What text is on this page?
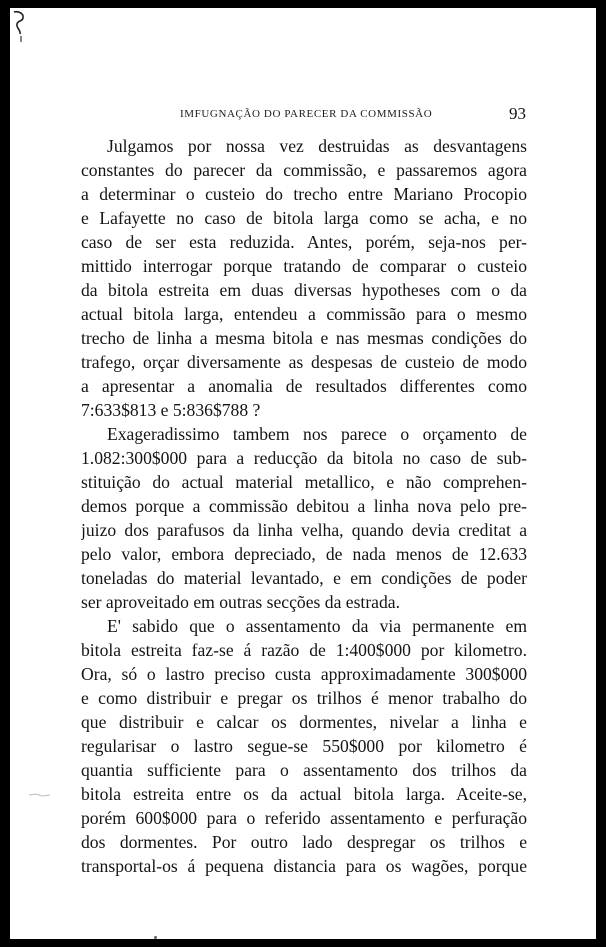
IMFUGNAÇÃO DO PARECER DA COMMISSÃO	93
Julgamos por nossa vez destruidas as desvantagens
constantes do parecer da commissão, e passaremos agora
a determinar o custeio do trecho entre Mariano Procopio
e Lafayette no caso de bitola larga como se acha, e no
caso de ser esta reduzida. Antes, porém, seja-nos per-
mittido interrogar porque tratando de comparar o custeio
da bitola estreita em duas diversas hypotheses com o da
actual bitola larga, entendeu a commissão para o mesmo
trecho de linha a mesma bitola e nas mesmas condições do
trafego, orçar diversamente as despesas de custeio de modo
a apresentar a anomalia de resultados differentes como
7:633$813 e 5:836$788 ?
Exageradissimo tambem nos parece o orçamento de
1.082:300$000 para a reducção da bitola no caso de sub-
stituição do actual material metallico, e não comprehen-
demos porque a commissão debitou a linha nova pelo pre-
juizo dos parafusos da linha velha, quando devia creditat a
pelo valor, embora depreciado, de nada menos de 12.633
toneladas do material levantado, e em condições de poder
ser aproveitado em outras secções da estrada.
E' sabido que o assentamento da via permanente em
bitola estreita faz-se á razão de 1:400$000 por kilometro.
Ora, só o lastro preciso custa approximadamente 300$000
e como distribuir e pregar os trilhos é menor trabalho do
que distribuir e calcar os dormentes, nivelar a linha e
regularisar o lastro segue-se 550$000 por kilometro é
quantia sufficiente para o assentamento dos trilhos da
bitola estreita entre os da actual bitola larga. Aceite-se,
porém 600$000 para o referido assentamento e perfuração
dos dormentes. Por outro lado despregar os trilhos e
transportal-os á pequena distancia para os wagões, porque
